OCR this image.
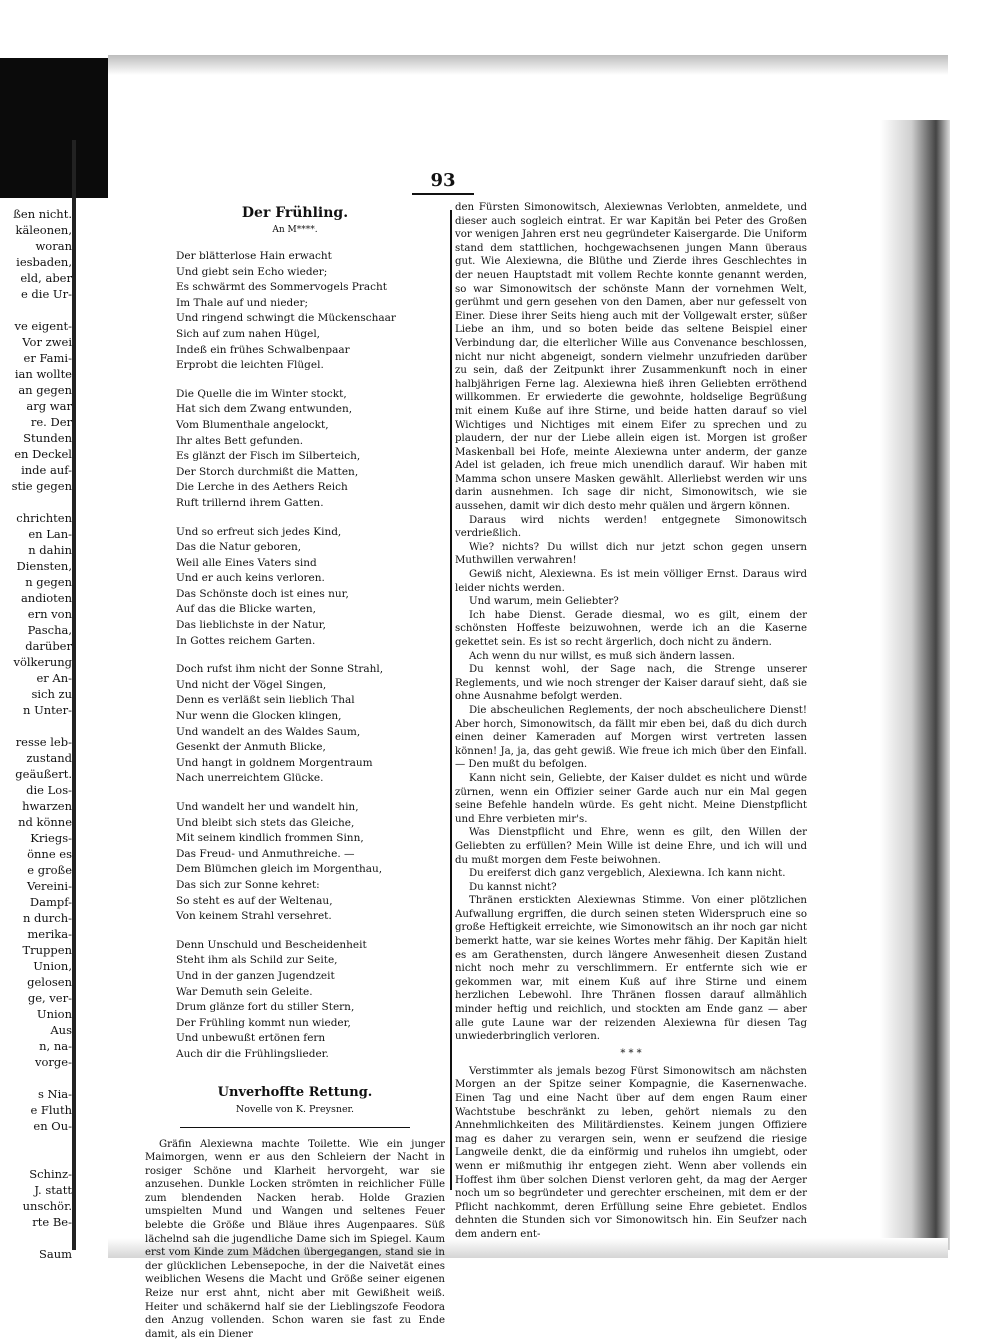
ßen nicht.
käleonen,
woran
iesbaden,
eld, aber
e die Ur-
ve eigent-
Vor zwei
er Fami-
ian wollte
an gegen
arg war
re. Der
Stunden
en Deckel
inde auf-
stie gegen
chrichten
en Lan-
n dahin
Diensten,
n gegen
andioten
ern von
Pascha,
darüber
völkerung
er An-
sich zu
n Unter-
resse leb-
zustand
geäußert.
die Los-
hwarzen
nd könne
Kriegs-
önne es
e große
Vereini-
Dampf-
n durch-
merika-
Truppen
Union,
gelosen
ge, ver-
Union
Aus
n, na-
vorge-
s Nia-
e Fluth
en Ou-
Schinz-
J. statt
unschör.
rte Be-
Saum
93
Der Frühling.
An M****.
Der blätterlose Hain erwacht
Und giebt sein Echo wieder;
Es schwärmt des Sommervogels Pracht
Im Thale auf und nieder;
Und ringend schwingt die Mückenschaar
Sich auf zum nahen Hügel,
Indeß ein frühes Schwalbenpaar
Erprobt die leichten Flügel.
Die Quelle die im Winter stockt,
Hat sich dem Zwang entwunden,
Vom Blumenthale angelockt,
Ihr altes Bett gefunden.
Es glänzt der Fisch im Silberteich,
Der Storch durchmißt die Matten,
Die Lerche in des Aethers Reich
Ruft trillernd ihrem Gatten.
Und so erfreut sich jedes Kind,
Das die Natur geboren,
Weil alle Eines Vaters sind
Und er auch keins verloren.
Das Schönste doch ist eines nur,
Auf das die Blicke warten,
Das lieblichste in der Natur,
In Gottes reichem Garten.
Doch rufst ihm nicht der Sonne Strahl,
Und nicht der Vögel Singen,
Denn es verläßt sein lieblich Thal
Nur wenn die Glocken klingen,
Und wandelt an des Waldes Saum,
Gesenkt der Anmuth Blicke,
Und hangt in goldnem Morgentraum
Nach unerreichtem Glücke.
Und wandelt her und wandelt hin,
Und bleibt sich stets das Gleiche,
Mit seinem kindlich frommen Sinn,
Das Freud- und Anmuthreiche. —
Dem Blümchen gleich im Morgenthau,
Das sich zur Sonne kehret:
So steht es auf der Weltenau,
Von keinem Strahl versehret.
Denn Unschuld und Bescheidenheit
Steht ihm als Schild zur Seite,
Und in der ganzen Jugendzeit
War Demuth sein Geleite.
Drum glänze fort du stiller Stern,
Der Frühling kommt nun wieder,
Und unbewußt ertönen fern
Auch dir die Frühlingslieder.
Unverhoffte Rettung.
Novelle von K. Preysner.
Gräfin Alexiewna machte Toilette. Wie ein junger Maimorgen, wenn er aus den Schleiern der Nacht in rosiger Schöne und Klarheit hervorgeht, war sie anzusehen. Dunkle Locken strömten in reichlicher Fülle zum blendenden Nacken herab. Holde Grazien umspielten Mund und Wangen und seltenes Feuer belebte die Größe und Bläue ihres Augenpaares. Süß lächelnd sah die jugendliche Dame sich im Spiegel. Kaum erst vom Kinde zum Mädchen übergegangen, stand sie in der glücklichen Lebensepoche, in der die Naivetät eines weiblichen Wesens die Macht und Größe seiner eigenen Reize nur erst ahnt, nicht aber mit Gewißheit weiß. Heiter und schäkernd half sie der Lieblingszofe Feodora den Anzug vollenden. Schon waren sie fast zu Ende damit, als ein Diener
den Fürsten Simonowitsch, Alexiewnas Verlobten, anmeldete, und dieser auch sogleich eintrat. Er war Kapitän bei Peter des Großen vor wenigen Jahren erst neu gegründeter Kaisergarde. Die Uniform stand dem stattlichen, hochgewachsenen jungen Mann überaus gut. Wie Alexiewna, die Blüthe und Zierde ihres Geschlechtes in der neuen Hauptstadt mit vollem Rechte konnte genannt werden, so war Simonowitsch der schönste Mann der vornehmen Welt, gerühmt und gern gesehen von den Damen, aber nur gefesselt von Einer. Diese ihrer Seits hieng auch mit der Vollgewalt erster, süßer Liebe an ihm, und so boten beide das seltene Beispiel einer Verbindung dar, die elterlicher Wille aus Convenance beschlossen, nicht nur nicht abgeneigt, sondern vielmehr unzufrieden darüber zu sein, daß der Zeitpunkt ihrer Zusammenkunft noch in einer halbjährigen Ferne lag. Alexiewna hieß ihren Geliebten erröthend willkommen. Er erwiederte die gewohnte, holdselige Begrüßung mit einem Kuße auf ihre Stirne, und beide hatten darauf so viel Wichtiges und Nichtiges mit einem Eifer zu sprechen und zu plaudern, der nur der Liebe allein eigen ist. Morgen ist großer Maskenball bei Hofe, meinte Alexiewna unter anderm, der ganze Adel ist geladen, ich freue mich unendlich darauf. Wir haben mit Mamma schon unsere Masken gewählt. Allerliebst werden wir uns darin ausnehmen. Ich sage dir nicht, Simonowitsch, wie sie aussehen, damit wir dich desto mehr quälen und ärgern können.
Daraus wird nichts werden! entgegnete Simonowitsch verdrießlich.
Wie? nichts? Du willst dich nur jetzt schon gegen unsern Muthwillen verwahren!
Gewiß nicht, Alexiewna. Es ist mein völliger Ernst. Daraus wird leider nichts werden.
Und warum, mein Geliebter?
Ich habe Dienst. Gerade diesmal, wo es gilt, einem der schönsten Hoffeste beizuwohnen, werde ich an die Kaserne gekettet sein. Es ist so recht ärgerlich, doch nicht zu ändern.
Ach wenn du nur willst, es muß sich ändern lassen.
Du kennst wohl, der Sage nach, die Strenge unserer Reglements, und wie noch strenger der Kaiser darauf sieht, daß sie ohne Ausnahme befolgt werden.
Die abscheulichen Reglements, der noch abscheulichere Dienst! Aber horch, Simonowitsch, da fällt mir eben bei, daß du dich durch einen deiner Kameraden auf Morgen wirst vertreten lassen können! Ja, ja, das geht gewiß. Wie freue ich mich über den Einfall. — Den mußt du befolgen.
Kann nicht sein, Geliebte, der Kaiser duldet es nicht und würde zürnen, wenn ein Offizier seiner Garde auch nur ein Mal gegen seine Befehle handeln würde. Es geht nicht. Meine Dienstpflicht und Ehre verbieten mir's.
Was Dienstpflicht und Ehre, wenn es gilt, den Willen der Geliebten zu erfüllen? Mein Wille ist deine Ehre, und ich will und du mußt morgen dem Feste beiwohnen.
Du ereiferst dich ganz vergeblich, Alexiewna. Ich kann nicht.
Du kannst nicht?
Thränen erstickten Alexiewnas Stimme. Von einer plötzlichen Aufwallung ergriffen, die durch seinen steten Widerspruch eine so große Heftigkeit erreichte, wie Simonowitsch an ihr noch gar nicht bemerkt hatte, war sie keines Wortes mehr fähig. Der Kapitän hielt es am Gerathensten, durch längere Anwesenheit diesen Zustand nicht noch mehr zu verschlimmern. Er entfernte sich wie er gekommen war, mit einem Kuß auf ihre Stirne und einem herzlichen Lebewohl. Ihre Thränen flossen darauf allmählich minder heftig und reichlich, und stockten am Ende ganz — aber alle gute Laune war der reizenden Alexiewna für diesen Tag unwiederbringlich verloren.
* * *
Verstimmter als jemals bezog Fürst Simonowitsch am nächsten Morgen an der Spitze seiner Kompagnie, die Kasernenwache. Einen Tag und eine Nacht über auf dem engen Raum einer Wachtstube beschränkt zu leben, gehört niemals zu den Annehmlichkeiten des Militärdienstes. Keinem jungen Offiziere mag es daher zu verargen sein, wenn er seufzend die riesige Langweile denkt, die da einförmig und ruhelos ihn umgiebt, oder wenn er mißmuthig ihr entgegen zieht. Wenn aber vollends ein Hoffest ihm über solchen Dienst verloren geht, da mag der Aerger noch um so begründeter und gerechter erscheinen, mit dem er der Pflicht nachkommt, deren Erfüllung seine Ehre gebietet. Endlos dehnten die Stunden sich vor Simonowitsch hin. Ein Seufzer nach dem andern ent-
